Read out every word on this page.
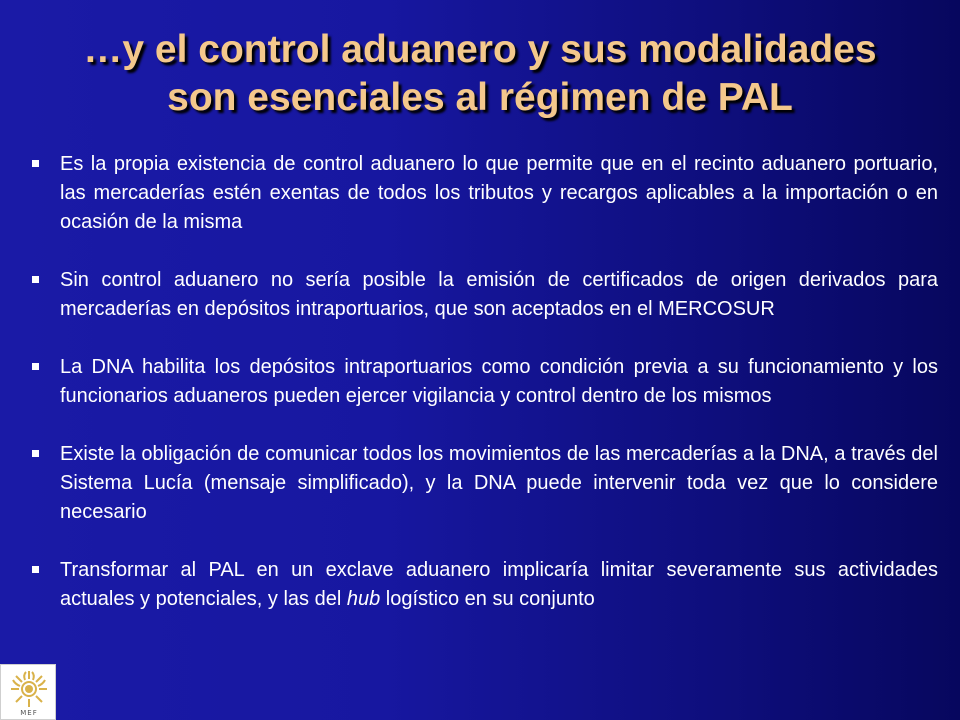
…y el control aduanero y sus modalidades
son esenciales al régimen de PAL
Es la propia existencia de control aduanero lo que permite que en el recinto aduanero portuario, las mercaderías estén exentas de todos los tributos y recargos aplicables a la importación o en ocasión de la misma
Sin control aduanero no sería posible la emisión de certificados de origen derivados para mercaderías en depósitos intraportuarios, que son aceptados en el MERCOSUR
La DNA habilita los depósitos intraportuarios como condición previa a su funcionamiento y los funcionarios aduaneros pueden ejercer vigilancia y control dentro de los mismos
Existe la obligación de comunicar todos los movimientos de las mercaderías a la DNA, a través del Sistema Lucía (mensaje simplificado), y la DNA puede intervenir toda vez que lo considere necesario
Transformar al PAL en un exclave aduanero implicaría limitar severamente sus actividades actuales y potenciales, y las del hub logístico en su conjunto
MEF
